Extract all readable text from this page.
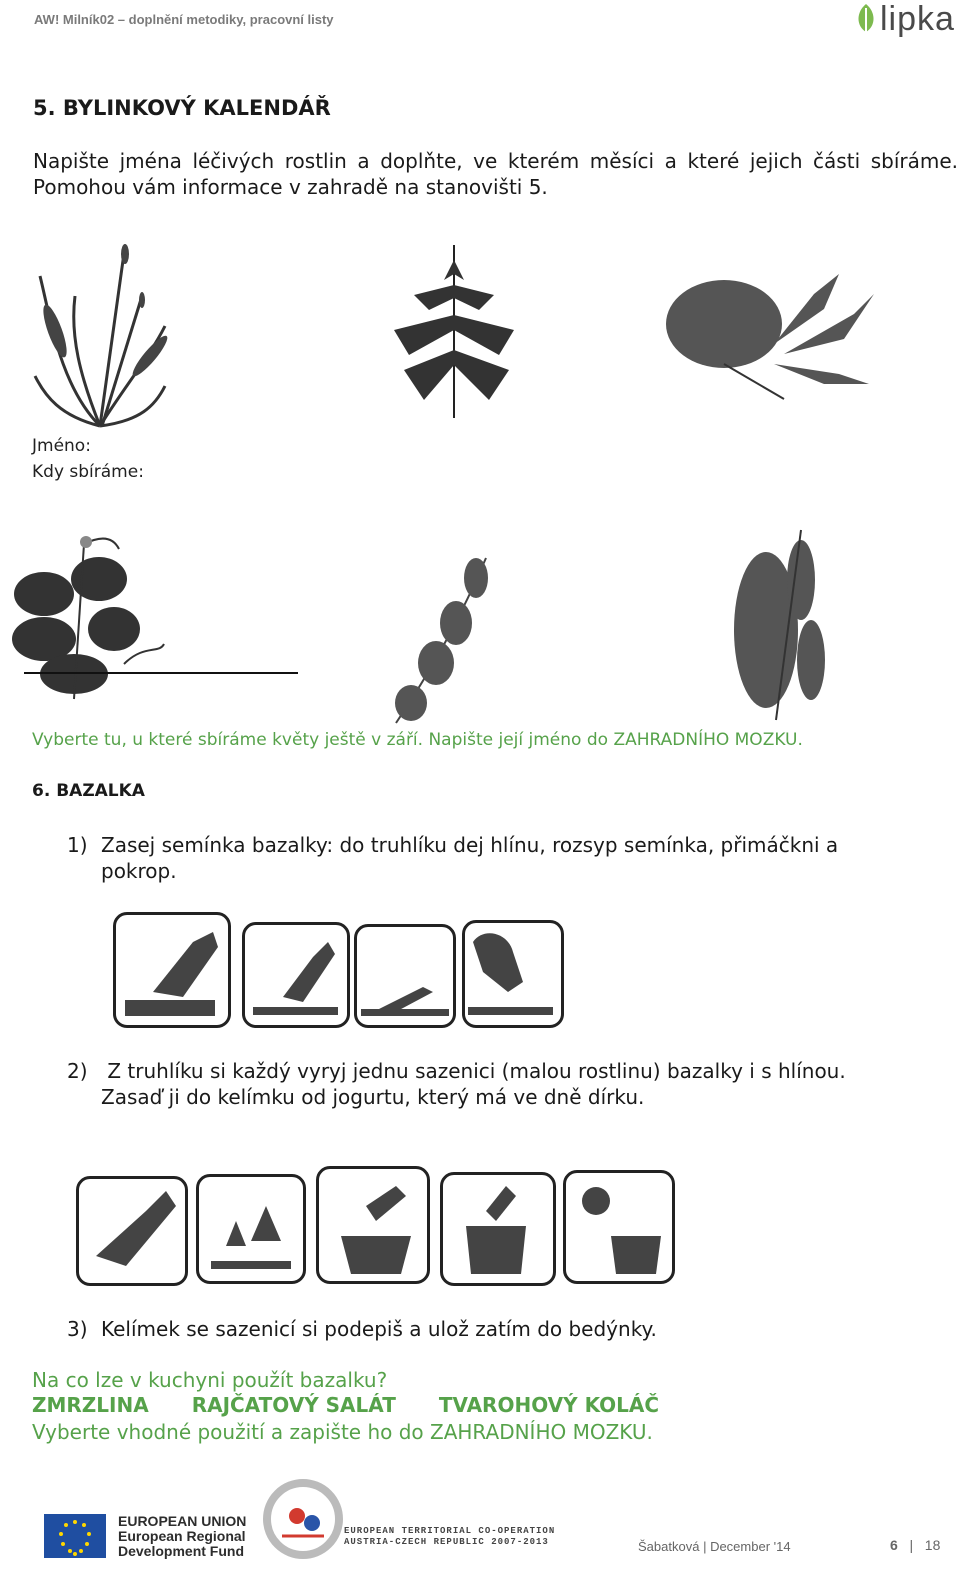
AW! Milník02 – doplnění metodiky, pracovní listy	lipka
5. BYLINKOVÝ KALENDÁŘ
Napište jména léčivých rostlin a doplňte, ve kterém měsíci a které jejich části sbíráme. Pomohou vám informace v zahradě na stanovišti 5.
Jméno:
Kdy sbíráme:
Vyberte tu, u které sbíráme květy ještě v září. Napište její jméno do ZAHRADNÍHO MOZKU.
6. BAZALKA
1) Zasej semínka bazalky: do truhlíku dej hlínu, rozsyp semínka, přimáčkni a
pokrop.
2) Z truhlíku si každý vyryj jednu sazenici (malou rostlinu) bazalky i s hlínou.
Zasaď ji do kelímku od jogurtu, který má ve dně dírku.
3) Kelímek se sazenicí si podepiš a ulož zatím do bedýnky.
Na co lze v kuchyni použít bazalku?
ZMRZLINA RAJČATOVÝ SALÁT TVAROHOVÝ KOLÁČ
Vyberte vhodné použití a zapište ho do ZAHRADNÍHO MOZKU.
EUROPEAN UNION
European Regional
Development Fund
EUROPEAN TERRITORIAL CO-OPERATION
AUSTRIA-CZECH REPUBLIC 2007-2013	Šabatková | December '14	6   |   18
